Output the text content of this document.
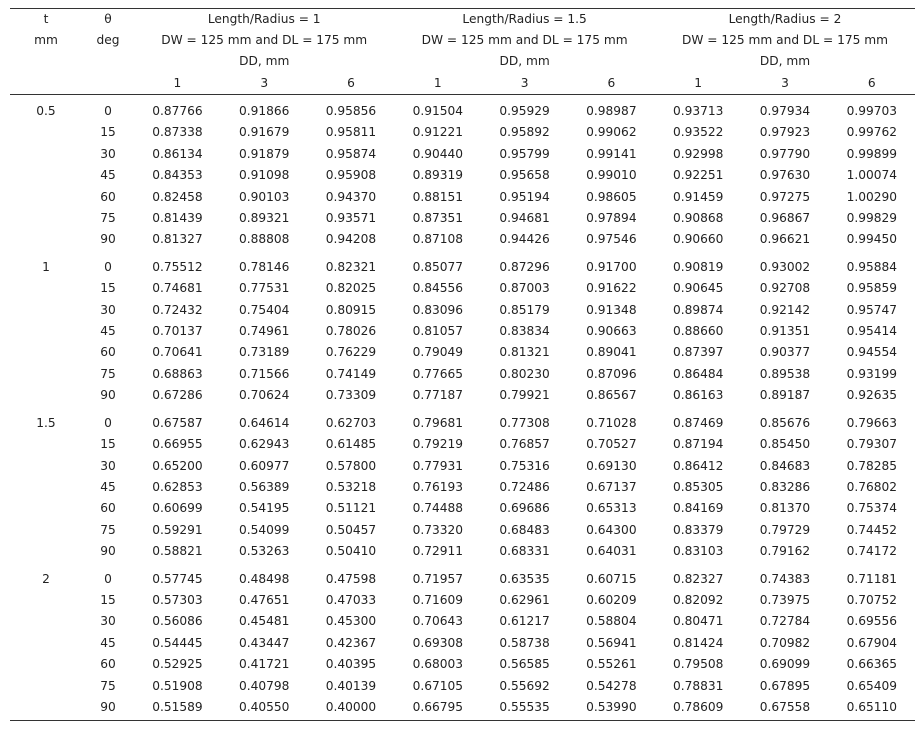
t	θ	Length/Radius = 1			Length/Radius = 1.5			Length/Radius = 2		
mm	deg	DW = 125 mm and DL = 175 mm			DW = 125 mm and DL = 175 mm			DW = 125 mm and DL = 175 mm		
		DD, mm			DD, mm			DD, mm		
		1	3	6	1	3	6	1	3	6
0.5	0	0.87766	0.91866	0.95856	0.91504	0.95929	0.98987	0.93713	0.97934	0.99703
	15	0.87338	0.91679	0.95811	0.91221	0.95892	0.99062	0.93522	0.97923	0.99762
	30	0.86134	0.91879	0.95874	0.90440	0.95799	0.99141	0.92998	0.97790	0.99899
	45	0.84353	0.91098	0.95908	0.89319	0.95658	0.99010	0.92251	0.97630	1.00074
	60	0.82458	0.90103	0.94370	0.88151	0.95194	0.98605	0.91459	0.97275	1.00290
	75	0.81439	0.89321	0.93571	0.87351	0.94681	0.97894	0.90868	0.96867	0.99829
	90	0.81327	0.88808	0.94208	0.87108	0.94426	0.97546	0.90660	0.96621	0.99450
1	0	0.75512	0.78146	0.82321	0.85077	0.87296	0.91700	0.90819	0.93002	0.95884
	15	0.74681	0.77531	0.82025	0.84556	0.87003	0.91622	0.90645	0.92708	0.95859
	30	0.72432	0.75404	0.80915	0.83096	0.85179	0.91348	0.89874	0.92142	0.95747
	45	0.70137	0.74961	0.78026	0.81057	0.83834	0.90663	0.88660	0.91351	0.95414
	60	0.70641	0.73189	0.76229	0.79049	0.81321	0.89041	0.87397	0.90377	0.94554
	75	0.68863	0.71566	0.74149	0.77665	0.80230	0.87096	0.86484	0.89538	0.93199
	90	0.67286	0.70624	0.73309	0.77187	0.79921	0.86567	0.86163	0.89187	0.92635
1.5	0	0.67587	0.64614	0.62703	0.79681	0.77308	0.71028	0.87469	0.85676	0.79663
	15	0.66955	0.62943	0.61485	0.79219	0.76857	0.70527	0.87194	0.85450	0.79307
	30	0.65200	0.60977	0.57800	0.77931	0.75316	0.69130	0.86412	0.84683	0.78285
	45	0.62853	0.56389	0.53218	0.76193	0.72486	0.67137	0.85305	0.83286	0.76802
	60	0.60699	0.54195	0.51121	0.74488	0.69686	0.65313	0.84169	0.81370	0.75374
	75	0.59291	0.54099	0.50457	0.73320	0.68483	0.64300	0.83379	0.79729	0.74452
	90	0.58821	0.53263	0.50410	0.72911	0.68331	0.64031	0.83103	0.79162	0.74172
2	0	0.57745	0.48498	0.47598	0.71957	0.63535	0.60715	0.82327	0.74383	0.71181
	15	0.57303	0.47651	0.47033	0.71609	0.62961	0.60209	0.82092	0.73975	0.70752
	30	0.56086	0.45481	0.45300	0.70643	0.61217	0.58804	0.80471	0.72784	0.69556
	45	0.54445	0.43447	0.42367	0.69308	0.58738	0.56941	0.81424	0.70982	0.67904
	60	0.52925	0.41721	0.40395	0.68003	0.56585	0.55261	0.79508	0.69099	0.66365
	75	0.51908	0.40798	0.40139	0.67105	0.55692	0.54278	0.78831	0.67895	0.65409
	90	0.51589	0.40550	0.40000	0.66795	0.55535	0.53990	0.78609	0.67558	0.65110
